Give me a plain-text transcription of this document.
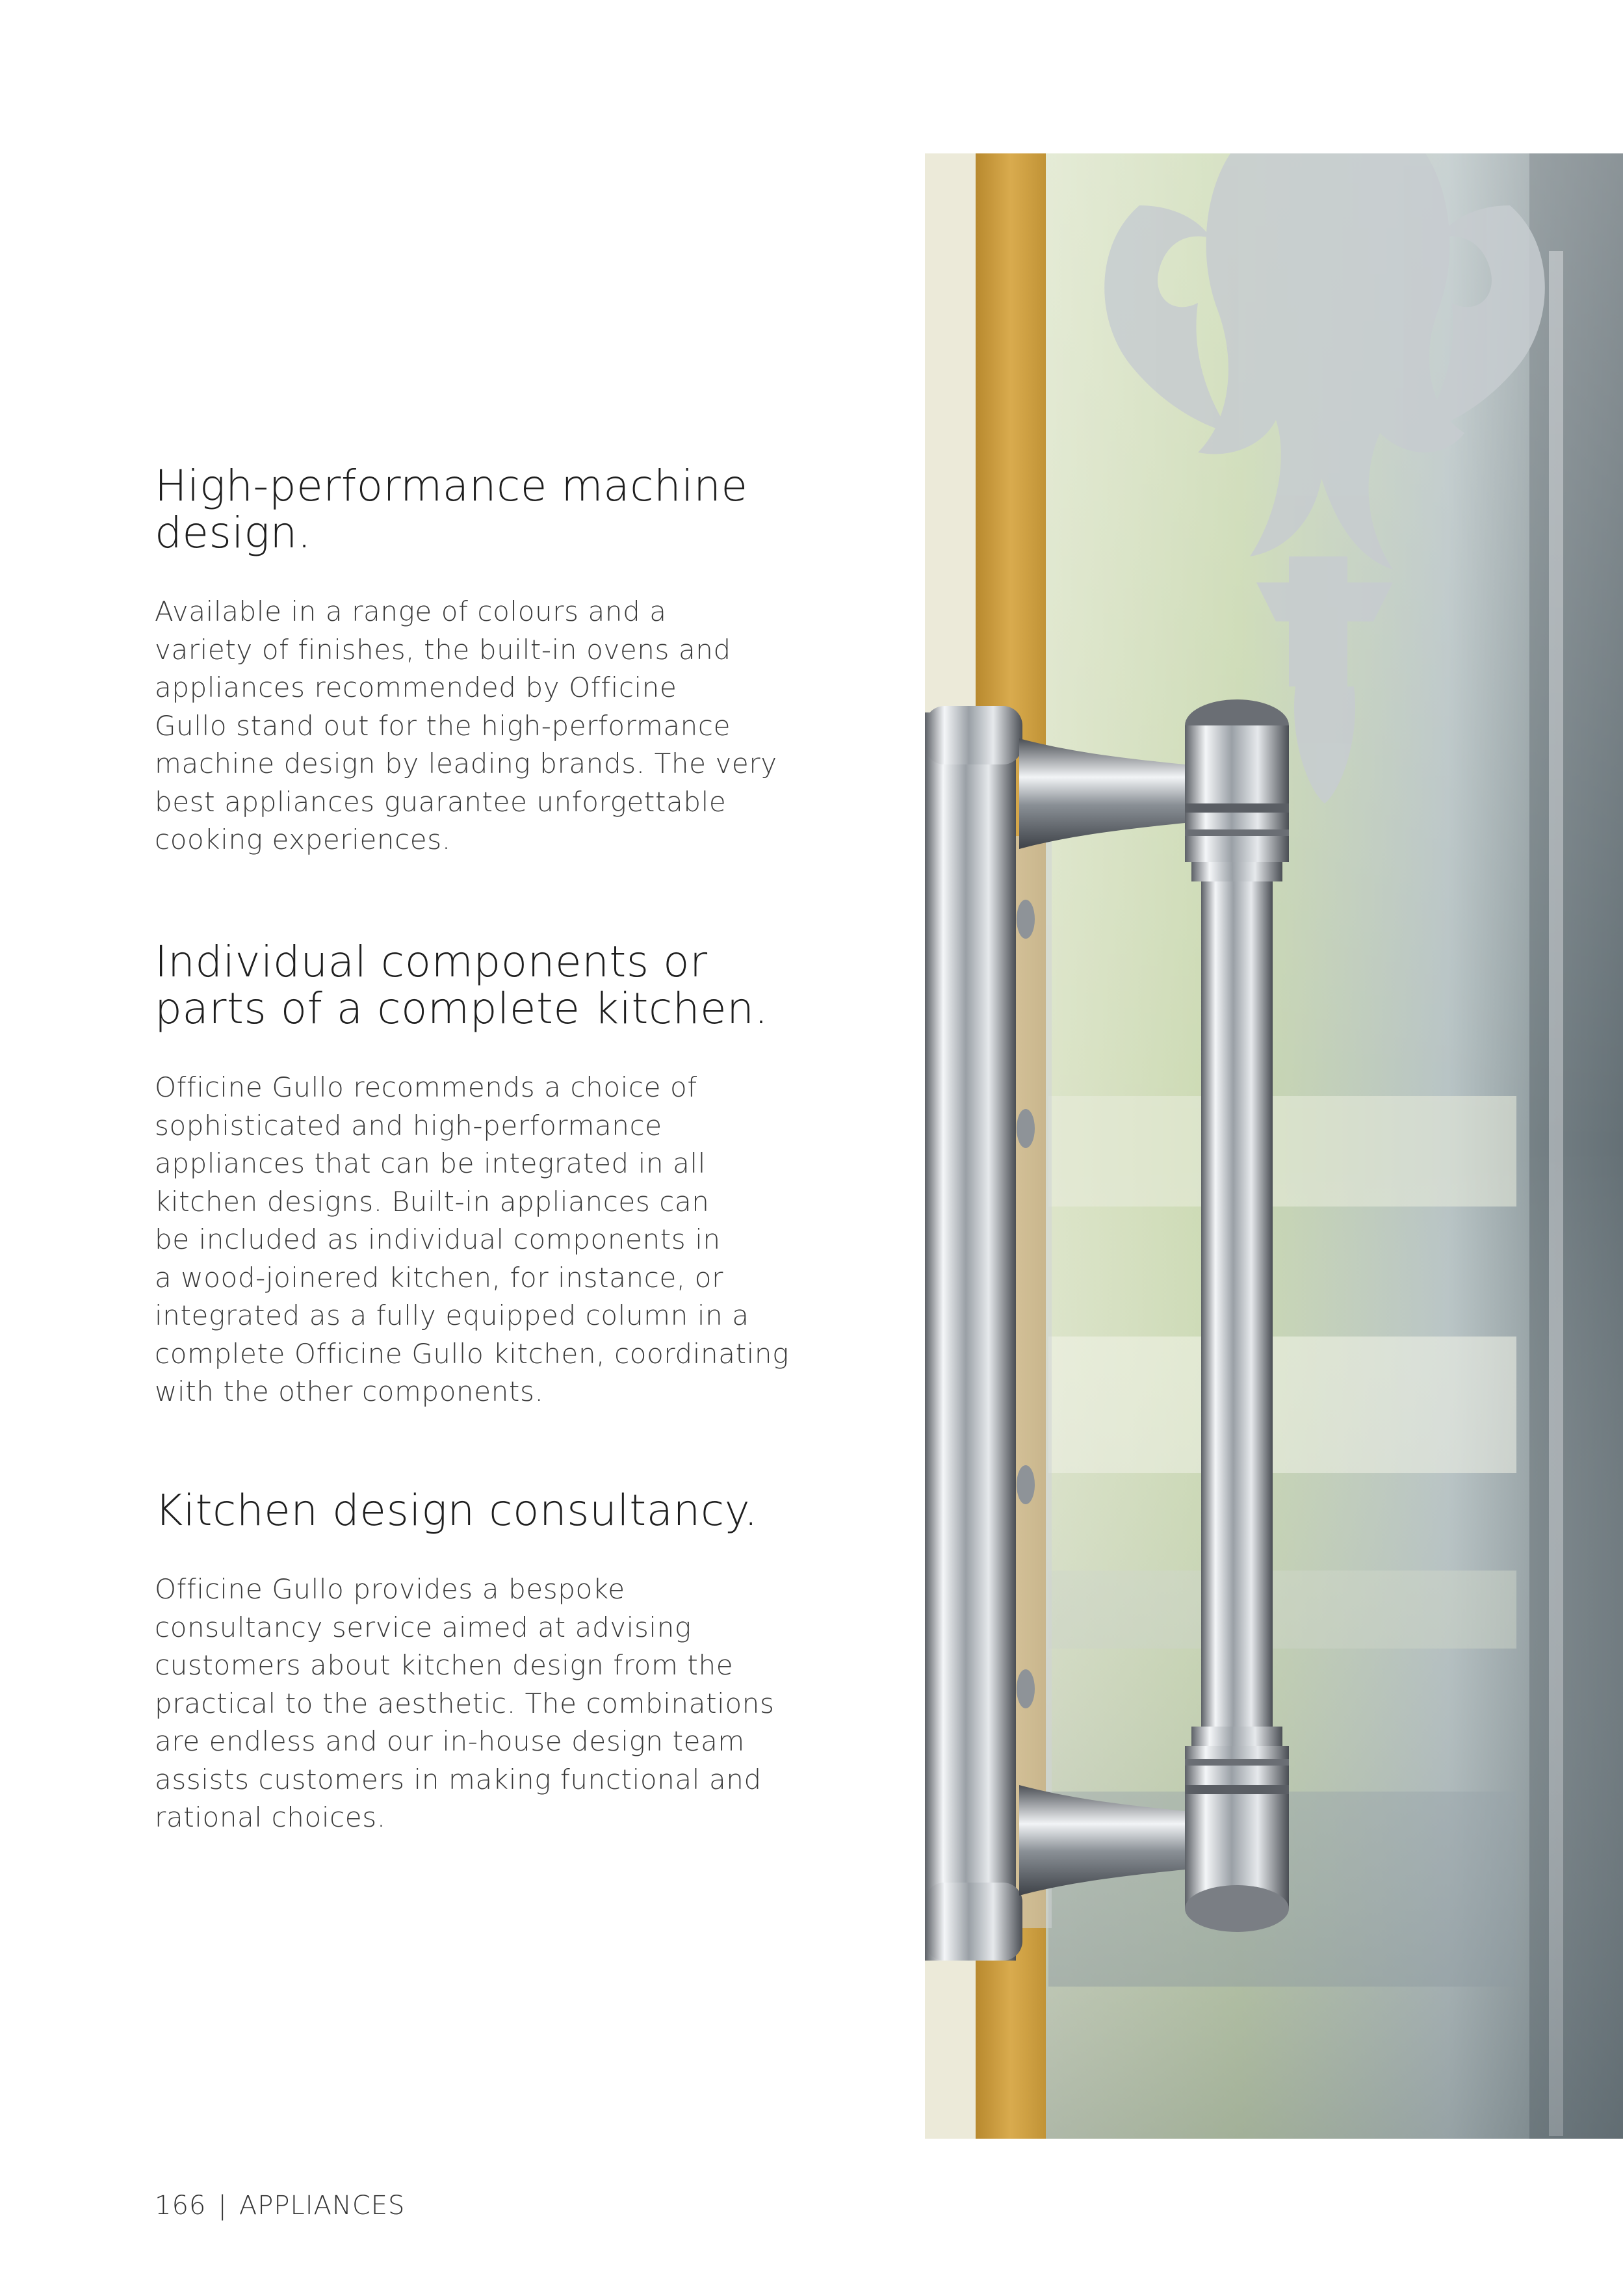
High-performance machine
design.

Available in a range of colours and a
variety of finishes, the built-in ovens and
appliances recommended by Officine
Gullo stand out for the high-performance
machine design by leading brands. The very
best appliances guarantee unforgettable
cooking experiences.

Individual components or
parts of a complete kitchen.

Officine Gullo recommends a choice of
sophisticated and high-performance
appliances that can be integrated in all
kitchen designs. Built-in appliances can
be included as individual components in
a wood-joinered kitchen, for instance, or
integrated as a fully equipped column in a
complete Officine Gullo kitchen, coordinating
with the other components.

Kitchen design consultancy.

Officine Gullo provides a bespoke
consultancy service aimed at advising
customers about kitchen design from the
practical to the aesthetic. The combinations
are endless and our in-house design team
assists customers in making functional and
rational choices.

166 | APPLIANCES
